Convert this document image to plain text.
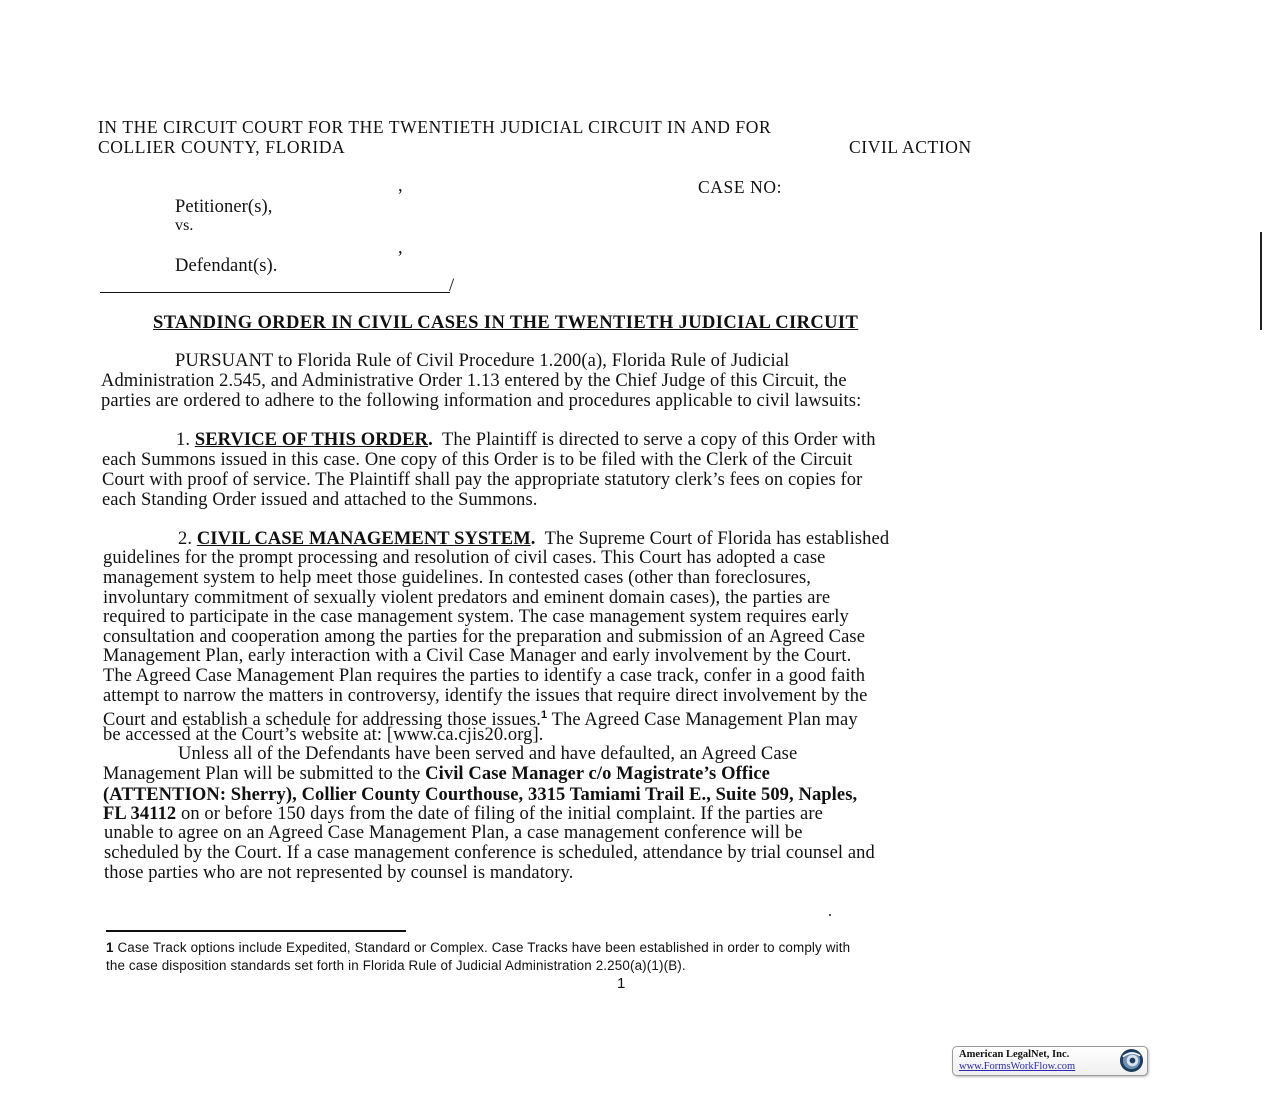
IN THE CIRCUIT COURT FOR THE TWENTIETH JUDICIAL CIRCUIT IN AND FOR
COLLIER COUNTY, FLORIDA	CIVIL ACTION
,	CASE NO:
Petitioner(s),
vs.
,
Defendant(s).
/
STANDING ORDER IN CIVIL CASES IN THE TWENTIETH JUDICIAL CIRCUIT
PURSUANT to Florida Rule of Civil Procedure 1.200(a), Florida Rule of Judicial
Administration 2.545, and Administrative Order 1.13 entered by the Chief Judge of this Circuit, the
parties are ordered to adhere to the following information and procedures applicable to civil lawsuits:
1. SERVICE OF THIS ORDER. The Plaintiff is directed to serve a copy of this Order with
each Summons issued in this case. One copy of this Order is to be filed with the Clerk of the Circuit
Court with proof of service. The Plaintiff shall pay the appropriate statutory clerk’s fees on copies for
each Standing Order issued and attached to the Summons.
2. CIVIL CASE MANAGEMENT SYSTEM. The Supreme Court of Florida has established
guidelines for the prompt processing and resolution of civil cases. This Court has adopted a case
management system to help meet those guidelines. In contested cases (other than foreclosures,
involuntary commitment of sexually violent predators and eminent domain cases), the parties are
required to participate in the case management system. The case management system requires early
consultation and cooperation among the parties for the preparation and submission of an Agreed Case
Management Plan, early interaction with a Civil Case Manager and early involvement by the Court.
The Agreed Case Management Plan requires the parties to identify a case track, confer in a good faith
attempt to narrow the matters in controversy, identify the issues that require direct involvement by the
Court and establish a schedule for addressing those issues.$^1$ The Agreed Case Management Plan may
be accessed at the Court’s website at: [www.ca.cjis20.org].
Unless all of the Defendants have been served and have defaulted, an Agreed Case
Management Plan will be submitted to the Civil Case Manager c/o Magistrate’s Office
(ATTENTION: Sherry), Collier County Courthouse, 3315 Tamiami Trail E., Suite 509, Naples,
FL 34112 on or before 150 days from the date of filing of the initial complaint. If the parties are
unable to agree on an Agreed Case Management Plan, a case management conference will be
scheduled by the Court. If a case management conference is scheduled, attendance by trial counsel and
those parties who are not represented by counsel is mandatory.
1 Case Track options include Expedited, Standard or Complex. Case Tracks have been established in order to comply with
the case disposition standards set forth in Florida Rule of Judicial Administration 2.250(a)(1)(B).
1
American LegalNet, Inc.
www.FormsWorkFlow.com
